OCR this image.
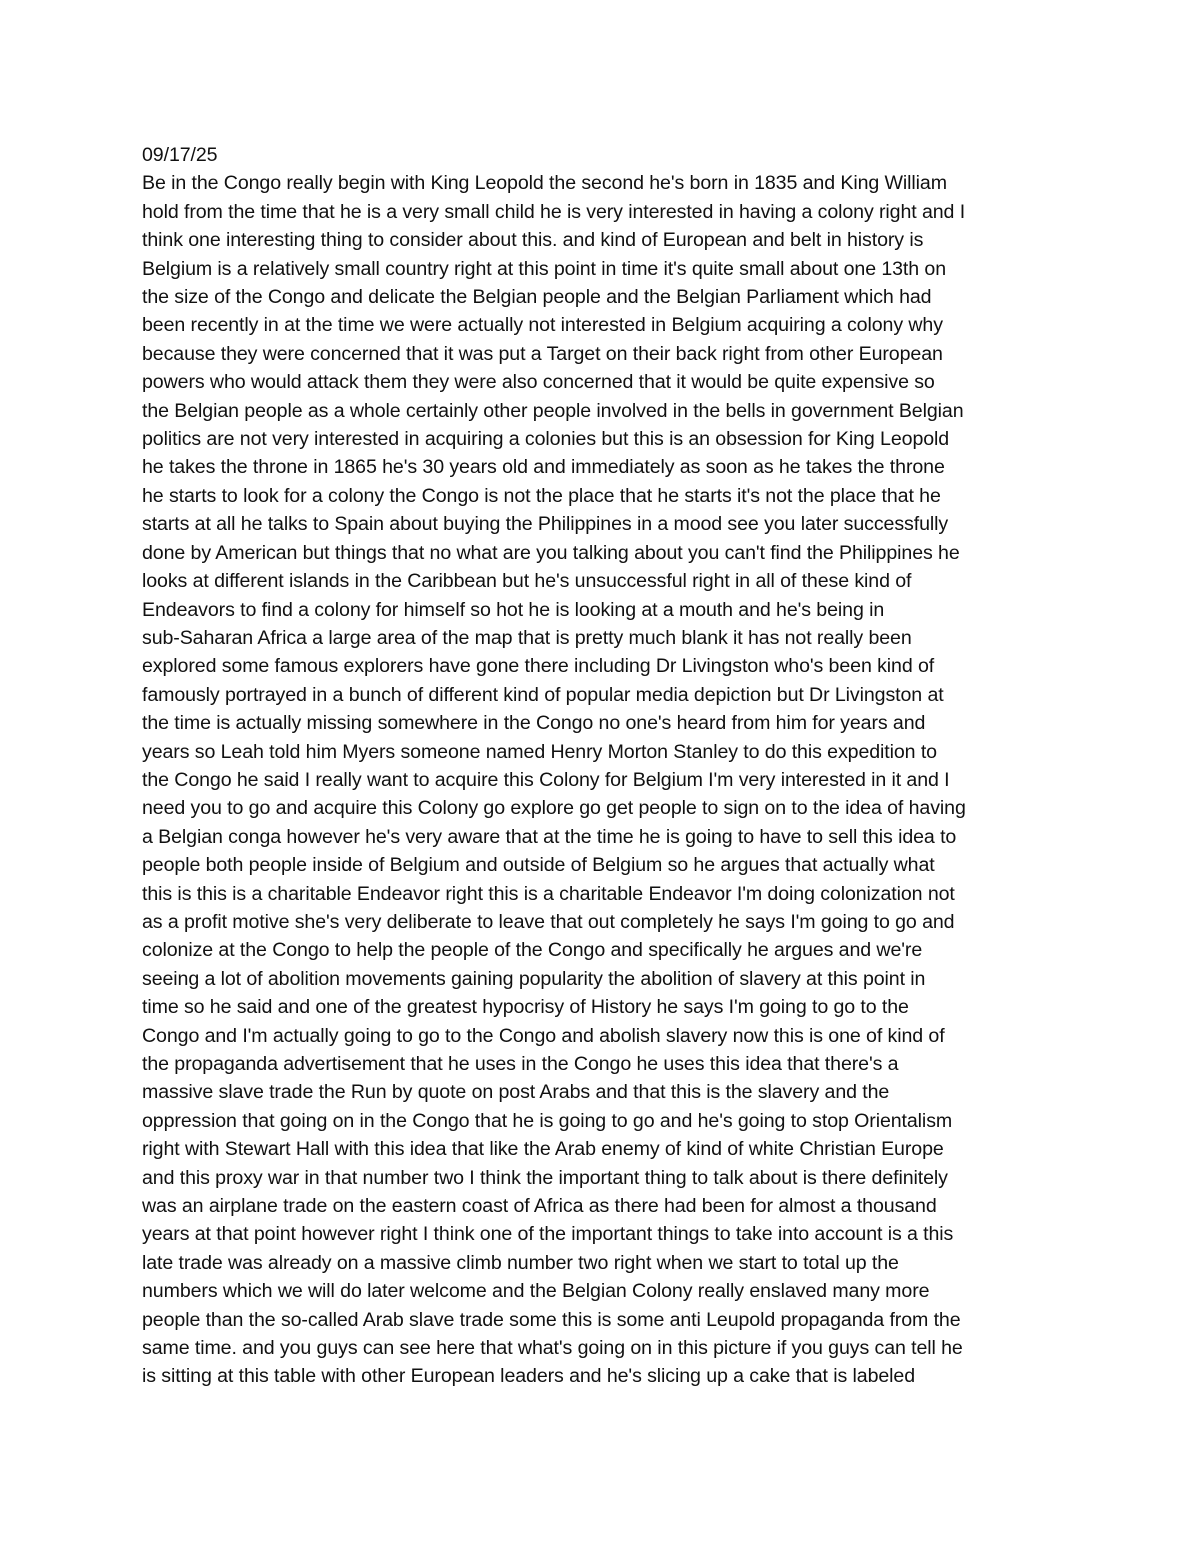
09/17/25
Be in the Congo really begin with King Leopold the second he's born in 1835 and King William
hold from the time that he is a very small child he is very interested in having a colony right and I
think one interesting thing to consider about this. and kind of European and belt in history is
Belgium is a relatively small country right at this point in time it's quite small about one 13th on
the size of the Congo and delicate the Belgian people and the Belgian Parliament which had
been recently in at the time we were actually not interested in Belgium acquiring a colony why
because they were concerned that it was put a Target on their back right from other European
powers who would attack them they were also concerned that it would be quite expensive so
the Belgian people as a whole certainly other people involved in the bells in government Belgian
politics are not very interested in acquiring a colonies but this is an obsession for King Leopold
he takes the throne in 1865 he's 30 years old and immediately as soon as he takes the throne
he starts to look for a colony the Congo is not the place that he starts it's not the place that he
starts at all he talks to Spain about buying the Philippines in a mood see you later successfully
done by American but things that no what are you talking about you can't find the Philippines he
looks at different islands in the Caribbean but he's unsuccessful right in all of these kind of
Endeavors to find a colony for himself so hot he is looking at a mouth and he's being in
sub-Saharan Africa a large area of the map that is pretty much blank it has not really been
explored some famous explorers have gone there including Dr Livingston who's been kind of
famously portrayed in a bunch of different kind of popular media depiction but Dr Livingston at
the time is actually missing somewhere in the Congo no one's heard from him for years and
years so Leah told him Myers someone named Henry Morton Stanley to do this expedition to
the Congo he said I really want to acquire this Colony for Belgium I'm very interested in it and I
need you to go and acquire this Colony go explore go get people to sign on to the idea of having
a Belgian conga however he's very aware that at the time he is going to have to sell this idea to
people both people inside of Belgium and outside of Belgium so he argues that actually what
this is this is a charitable Endeavor right this is a charitable Endeavor I'm doing colonization not
as a profit motive she's very deliberate to leave that out completely he says I'm going to go and
colonize at the Congo to help the people of the Congo and specifically he argues and we're
seeing a lot of abolition movements gaining popularity the abolition of slavery at this point in
time so he said and one of the greatest hypocrisy of History he says I'm going to go to the
Congo and I'm actually going to go to the Congo and abolish slavery now this is one of kind of
the propaganda advertisement that he uses in the Congo he uses this idea that there's a
massive slave trade the Run by quote on post Arabs and that this is the slavery and the
oppression that going on in the Congo that he is going to go and he's going to stop Orientalism
right with Stewart Hall with this idea that like the Arab enemy of kind of white Christian Europe
and this proxy war in that number two I think the important thing to talk about is there definitely
was an airplane trade on the eastern coast of Africa as there had been for almost a thousand
years at that point however right I think one of the important things to take into account is a this
late trade was already on a massive climb number two right when we start to total up the
numbers which we will do later welcome and the Belgian Colony really enslaved many more
people than the so-called Arab slave trade some this is some anti Leupold propaganda from the
same time. and you guys can see here that what's going on in this picture if you guys can tell he
is sitting at this table with other European leaders and he's slicing up a cake that is labeled
